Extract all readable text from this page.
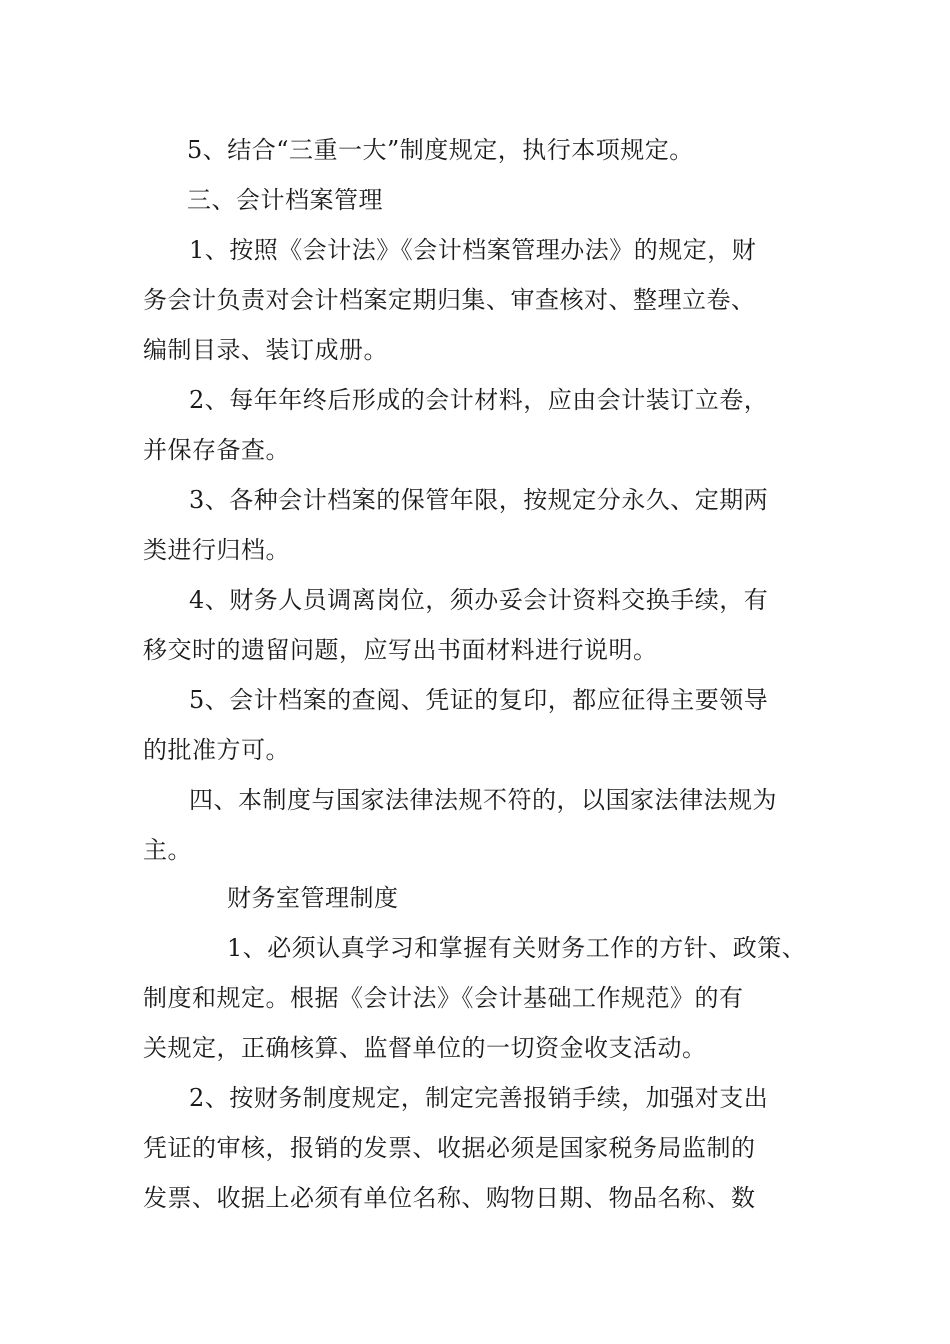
5、结合“三重一大”制度规定，执行本项规定。
三、会计档案管理
1、按照《会计法》《会计档案管理办法》的规定，财
务会计负责对会计档案定期归集、审查核对、整理立卷、
编制目录、装订成册。
2、每年年终后形成的会计材料，应由会计装订立卷，
并保存备查。
3、各种会计档案的保管年限，按规定分永久、定期两
类进行归档。
4、财务人员调离岗位，须办妥会计资料交换手续，有
移交时的遗留问题，应写出书面材料进行说明。
5、会计档案的查阅、凭证的复印，都应征得主要领导
的批准方可。
四、本制度与国家法律法规不符的，以国家法律法规为
主。
财务室管理制度
1、必须认真学习和掌握有关财务工作的方针、政策、
制度和规定。根据《会计法》《会计基础工作规范》的有
关规定，正确核算、监督单位的一切资金收支活动。
2、按财务制度规定，制定完善报销手续，加强对支出
凭证的审核，报销的发票、收据必须是国家税务局监制的
发票、收据上必须有单位名称、购物日期、物品名称、数
